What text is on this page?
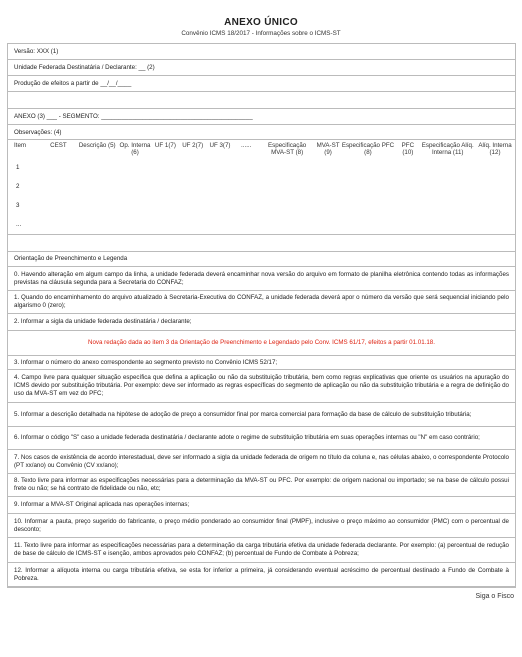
ANEXO ÚNICO
Convênio ICMS 18/2017 - Informações sobre o ICMS-ST
Versão: XXX (1)
Unidade Federada Destinatária / Declarante: __ (2)
Produção de efeitos a partir de __/__/____
ANEXO (3) ___ - SEGMENTO: ____________________________________________
Observações: (4)
Item	CEST	Descrição (5)	Op. Interna (6)	UF 1(7)	UF 2(7)	UF 3(7)	......	Especificação MVA-ST (8)	MVA-ST (9)	Especificação PFC (8)	PFC (10)	Especificação Alíq. Interna (11)	Alíq. Interna (12)
1													
2													
3													
...													
Orientação de Preenchimento e Legenda
0. Havendo alteração em algum campo da linha, a unidade federada deverá encaminhar nova versão do arquivo em formato de planilha eletrônica contendo todas as informações previstas na cláusula segunda para a Secretaria do CONFAZ;
1. Quando do encaminhamento do arquivo atualizado à Secretaria-Executiva do CONFAZ, a unidade federada deverá apor o número da versão que será sequencial iniciando pelo algarismo 0 (zero);
2. Informar a sigla da unidade federada destinatária / declarante;
Nova redação dada ao item 3 da Orientação de Preenchimento e Legendado pelo Conv. ICMS 61/17, efeitos a partir 01.01.18.
3. Informar o número do anexo correspondente ao segmento previsto no Convênio ICMS 52/17;
4. Campo livre para qualquer situação específica que defina a aplicação ou não da substituição tributária, bem como regras explicativas que oriente os usuários na apuração do ICMS devido por substituição tributária. Por exemplo: deve ser informado as regras específicas do segmento de aplicação ou não da substituição tributária e a regra de definição do uso da MVA-ST em vez do PFC;
5. Informar a descrição detalhada na hipótese de adoção de preço a consumidor final por marca comercial para formação da base de cálculo de substituição tributária;
6. Informar o código "S" caso a unidade federada destinatária / declarante adote o regime de substituição tributária em suas operações internas ou "N" em caso contrário;
7. Nos casos de existência de acordo interestadual, deve ser informado a sigla da unidade federada de origem no título da coluna e, nas células abaixo, o correspondente Protocolo (PT xx/ano) ou Convênio (CV xx/ano);
8. Texto livre para informar as especificações necessárias para a determinação da MVA-ST ou PFC. Por exemplo: de origem nacional ou importado; se na base de cálculo possui frete ou não; se há contrato de fidelidade ou não, etc;
9. Informar a MVA-ST Original aplicada nas operações internas;
10. Informar a pauta, preço sugerido do fabricante, o preço médio ponderado ao consumidor final (PMPF), inclusive o preço máximo ao consumidor (PMC) com o percentual de desconto;
11. Texto livre para informar as especificações necessárias para a determinação da carga tributária efetiva da unidade federada declarante. Por exemplo: (a) percentual de redução de base de cálculo de ICMS-ST e isenção, ambos aprovados pelo CONFAZ; (b) percentual de Fundo de Combate à Pobreza;
12. Informar a alíquota interna ou carga tributária efetiva, se esta for inferior a primeira, já considerando eventual acréscimo de percentual destinado a Fundo de Combate à Pobreza.
Siga o Fisco
